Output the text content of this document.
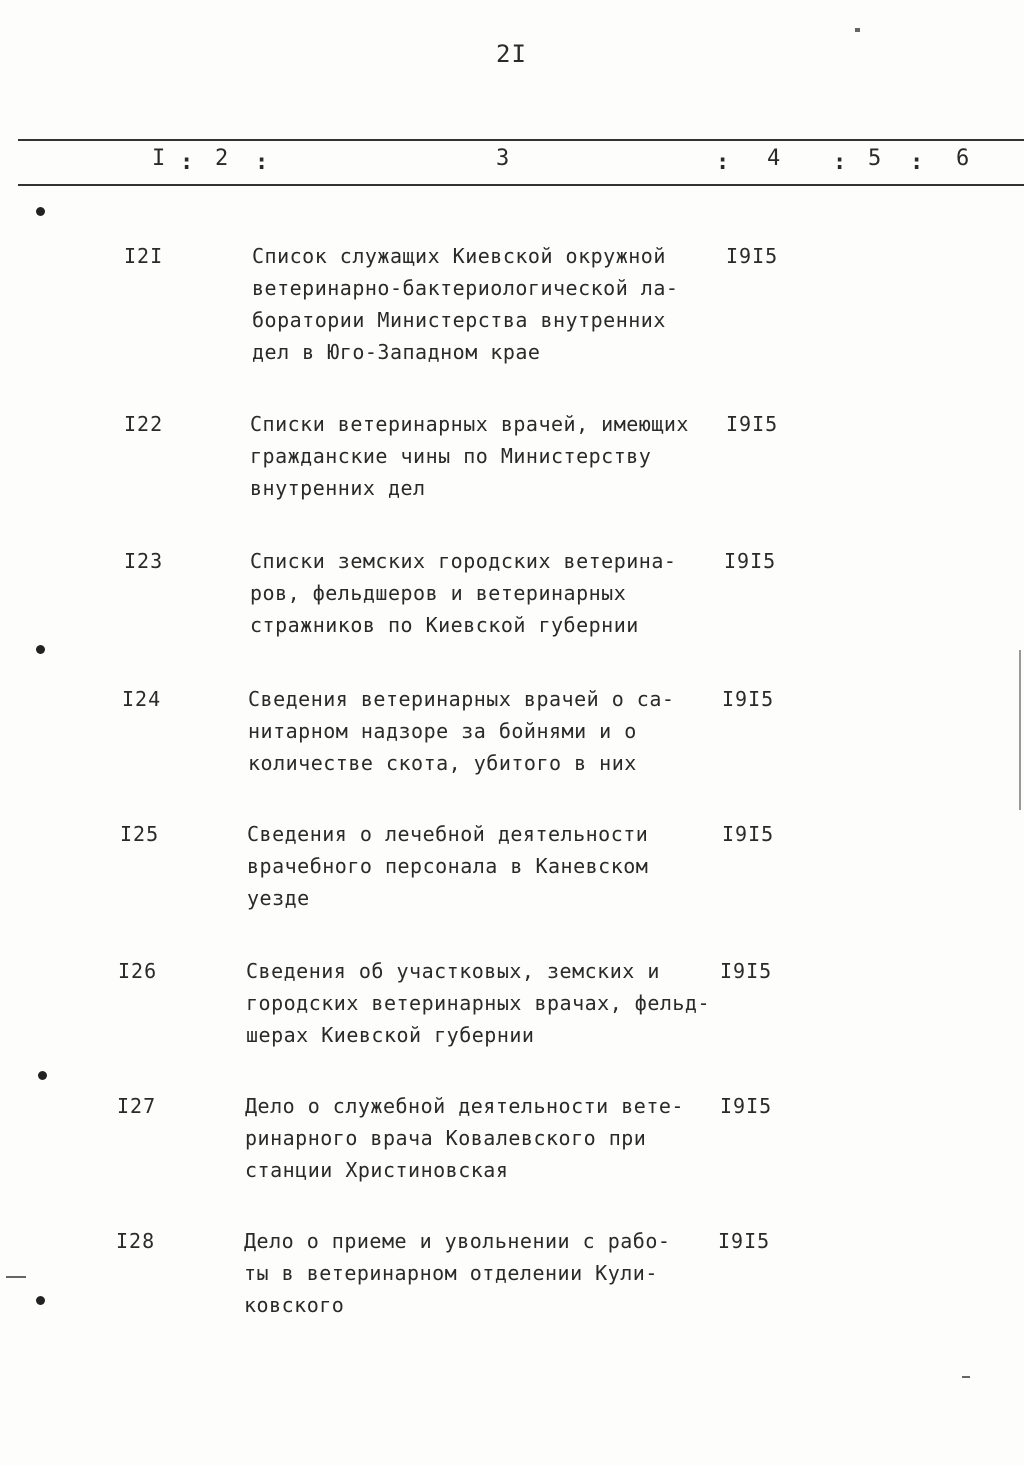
2I
I : 2 :	3	: 4 : 5 : 6
I2I	Список служащих Киевской окружной
ветеринарно-бактериологической ла-
боратории Министерства внутренних
дел в Юго-Западном крае
I9I5
I22	Списки ветеринарных врачей, имеющих
гражданские чины по Министерству
внутренних дел
I9I5
I23	Списки земских городских ветерина-
ров, фельдшеров и ветеринарных
стражников по Киевской губернии
I9I5
I24	Сведения ветеринарных врачей о са-
нитарном надзоре за бойнями и о
количестве скота, убитого в них
I9I5
I25	Сведения о лечебной деятельности
врачебного персонала в Каневском
уезде
I9I5
I26	Сведения об участковых, земских и
городских ветеринарных врачах, фельд-
шерах Киевской губернии
I9I5
I27	Дело о служебной деятельности вете-
ринарного врача Ковалевского при
станции Христиновская
I9I5
I28	Дело о приеме и увольнении с рабо-
ты в ветеринарном отделении Кули-
ковского
I9I5
